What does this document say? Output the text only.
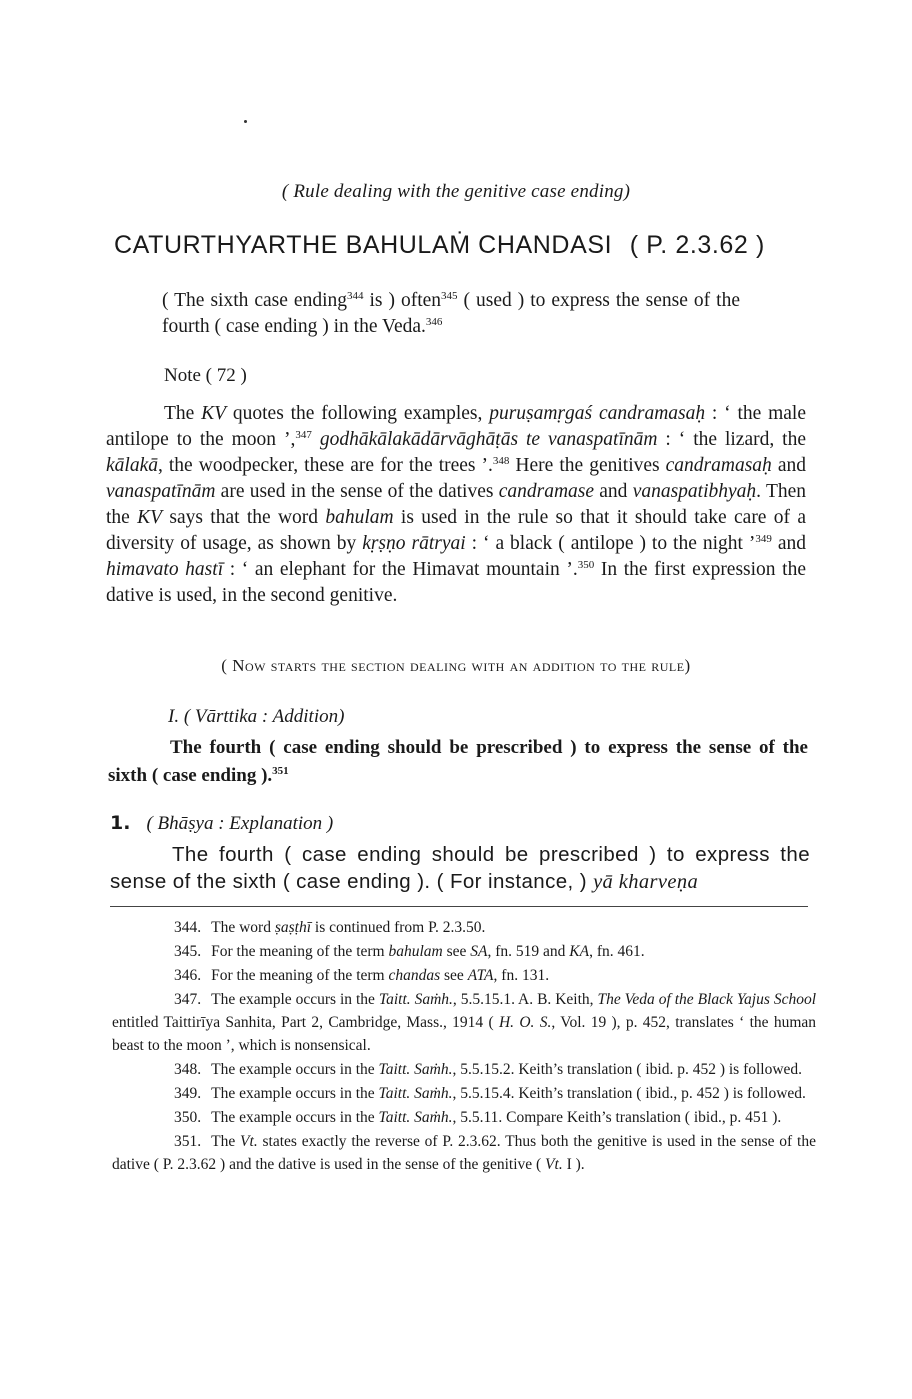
( Rule dealing with the genitive case ending)
CATURTHYARTHE BAHULAṀ CHANDASI ( P. 2.3.62 )

( The sixth case ending$^{344}$ is ) often$^{345}$ ( used ) to express the sense of the fourth ( case ending ) in the Veda.$^{346}$

Note ( 72 )

The KV quotes the following examples, puruṣamṛgaś candramasaḥ : ‘ the male antilope to the moon ’,$^{347}$ godhākālakādārvāghāṭās te vanaspatīnām : ‘ the lizard, the kālakā, the woodpecker, these are for the trees ’.$^{348}$ Here the genitives candramasaḥ and vanaspatīnām are used in the sense of the datives candramase and vanaspatibhyaḥ. Then the KV says that the word bahulam is used in the rule so that it should take care of a diversity of usage, as shown by kṛṣṇo rātryai : ‘ a black ( antilope ) to the night ’$^{349}$ and himavato hastī : ‘ an elephant for the Himavat mountain ’.$^{350}$ In the first expression the dative is used, in the second genitive.

( Now starts the section dealing with an addition to the rule)
I. ( Vārttika : Addition)

The fourth ( case ending should be prescribed ) to express the sense of the sixth ( case ending ).$^{351}$

1. ( Bhāṣya : Explanation )

The fourth ( case ending should be prescribed ) to express the sense of the sixth ( case ending ). ( For instance, ) yā kharveṇa

344. The word ṣaṣṭhī is continued from P. 2.3.50.

345. For the meaning of the term bahulam see SA, fn. 519 and KA, fn. 461.

346. For the meaning of the term chandas see ATA, fn. 131.

347. The example occurs in the Taitt. Saṁh., 5.5.15.1. A. B. Keith, The Veda of the Black Yajus School entitled Taittirīya Sanhita, Part 2, Cambridge, Mass., 1914 ( H. O. S., Vol. 19 ), p. 452, translates ‘ the human beast to the moon ’, which is nonsensical.

348. The example occurs in the Taitt. Saṁh., 5.5.15.2. Keith’s translation ( ibid. p. 452 ) is followed.

349. The example occurs in the Taitt. Saṁh., 5.5.15.4. Keith’s translation ( ibid., p. 452 ) is followed.

350. The example occurs in the Taitt. Saṁh., 5.5.11. Compare Keith’s translation ( ibid., p. 451 ).

351. The Vt. states exactly the reverse of P. 2.3.62. Thus both the genitive is used in the sense of the dative ( P. 2.3.62 ) and the dative is used in the sense of the genitive ( Vt. I ).
